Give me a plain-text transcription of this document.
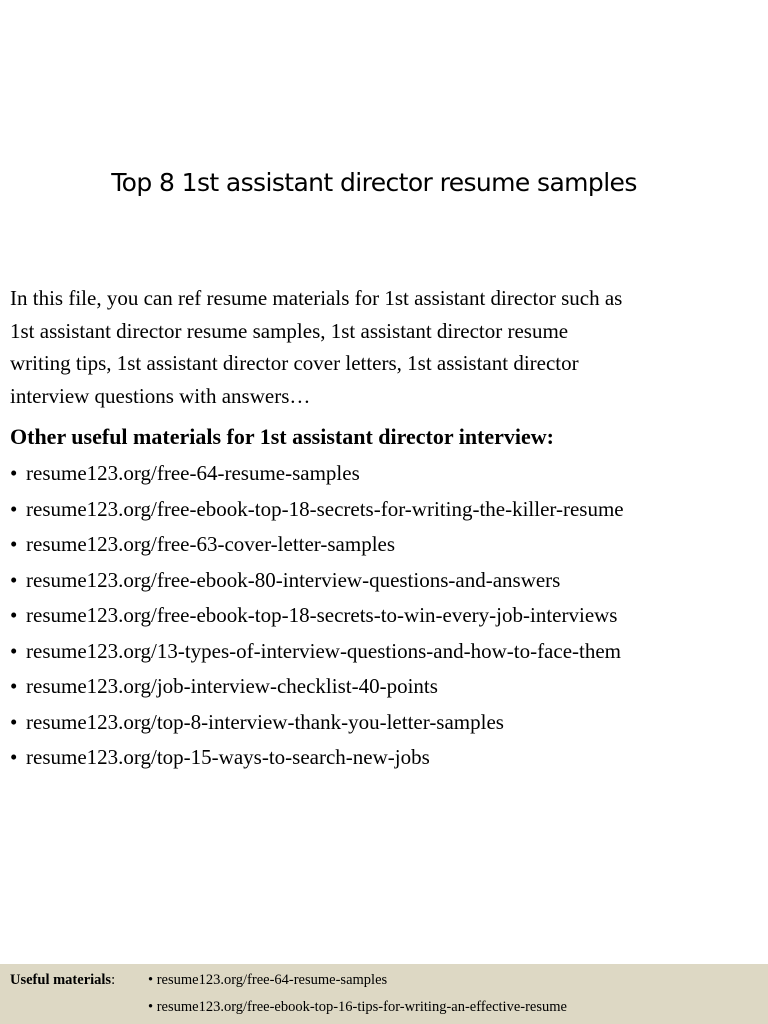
Top 8 1st assistant director resume samples
In this file, you can ref resume materials for 1st assistant director such as
1st assistant director resume samples, 1st assistant director resume
writing tips, 1st assistant director cover letters, 1st assistant director
interview questions with answers…
Other useful materials for 1st assistant director interview:
• resume123.org/free-64-resume-samples
• resume123.org/free-ebook-top-18-secrets-for-writing-the-killer-resume
• resume123.org/free-63-cover-letter-samples
• resume123.org/free-ebook-80-interview-questions-and-answers
• resume123.org/free-ebook-top-18-secrets-to-win-every-job-interviews
• resume123.org/13-types-of-interview-questions-and-how-to-face-them
• resume123.org/job-interview-checklist-40-points
• resume123.org/top-8-interview-thank-you-letter-samples
• resume123.org/top-15-ways-to-search-new-jobs
Useful materials: • resume123.org/free-64-resume-samples
• resume123.org/free-ebook-top-16-tips-for-writing-an-effective-resume
